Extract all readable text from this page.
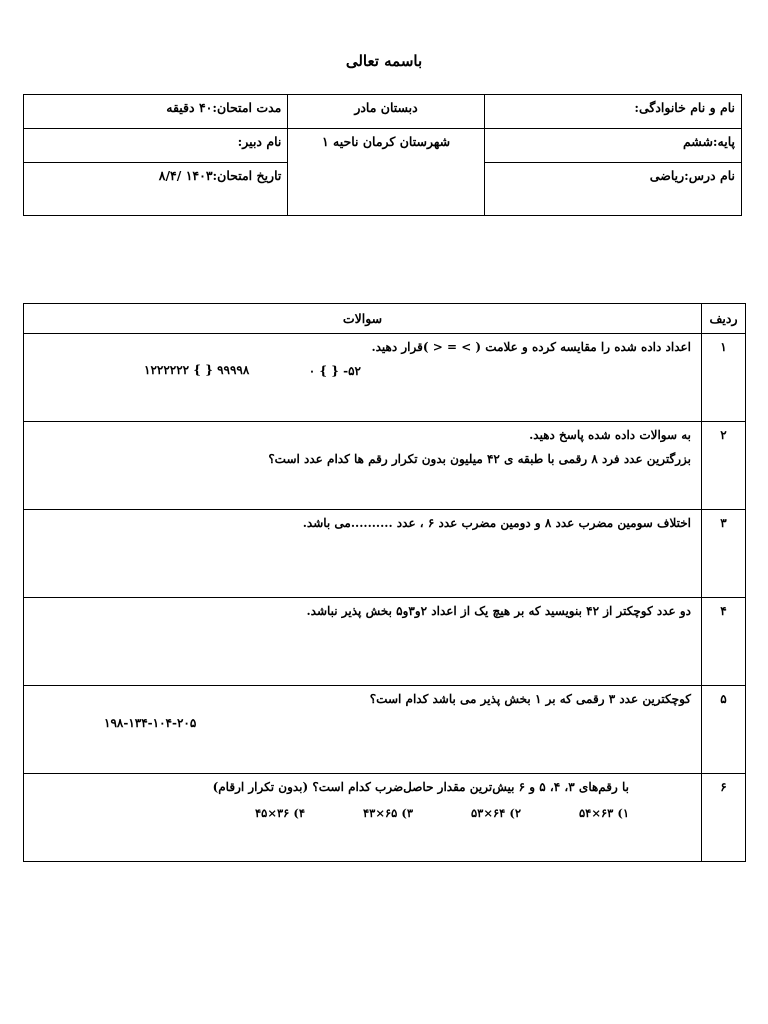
باسمه تعالی
نام و نام خانوادگی:	دبستان مادر	مدت امتحان:۴۰ دقیقه
پایه:ششم	شهرستان کرمان ناحیه ۱	نام دبیر:
نام درس:ریاضی		تاریخ امتحان:۱۴۰۳ /۸/۴
ردیف	سوالات
۱	اعداد داده شده را مقایسه کرده و علامت ( > = < )قرار دهید.
۰ { } -۵۲
۱۲۲۲۲۲۲ { } ۹۹۹۹۸

۲	به سوالات داده شده پاسخ دهید.
بزرگترین عدد فرد ۸ رقمی با طبقه ی ۴۲ میلیون بدون تکرار رقم ها کدام عدد است؟

۳	اختلاف سومین مضرب عدد ۸ و دومین مضرب عدد ۶ ، عدد ..........می باشد.

۴	دو عدد کوچکتر از ۴۲ بنویسید که بر هیچ یک از اعداد ۲و۳و۵ بخش پذیر نباشد.

۵	کوچکترین عدد ۳ رقمی که بر ۱ بخش پذیر می باشد کدام است؟
۱۹۸-۱۳۴-۱۰۴-۲۰۵

۶	با رقم‌های ۳، ۴، ۵ و ۶ بیش‌ترین مقدار حاصل‌ضرب کدام است؟ (بدون تکرار ارقام)
۱) ۶۳×۵۴
۲) ۶۴×۵۳
۳) ۶۵×۴۳
۴) ۳۶×۴۵
